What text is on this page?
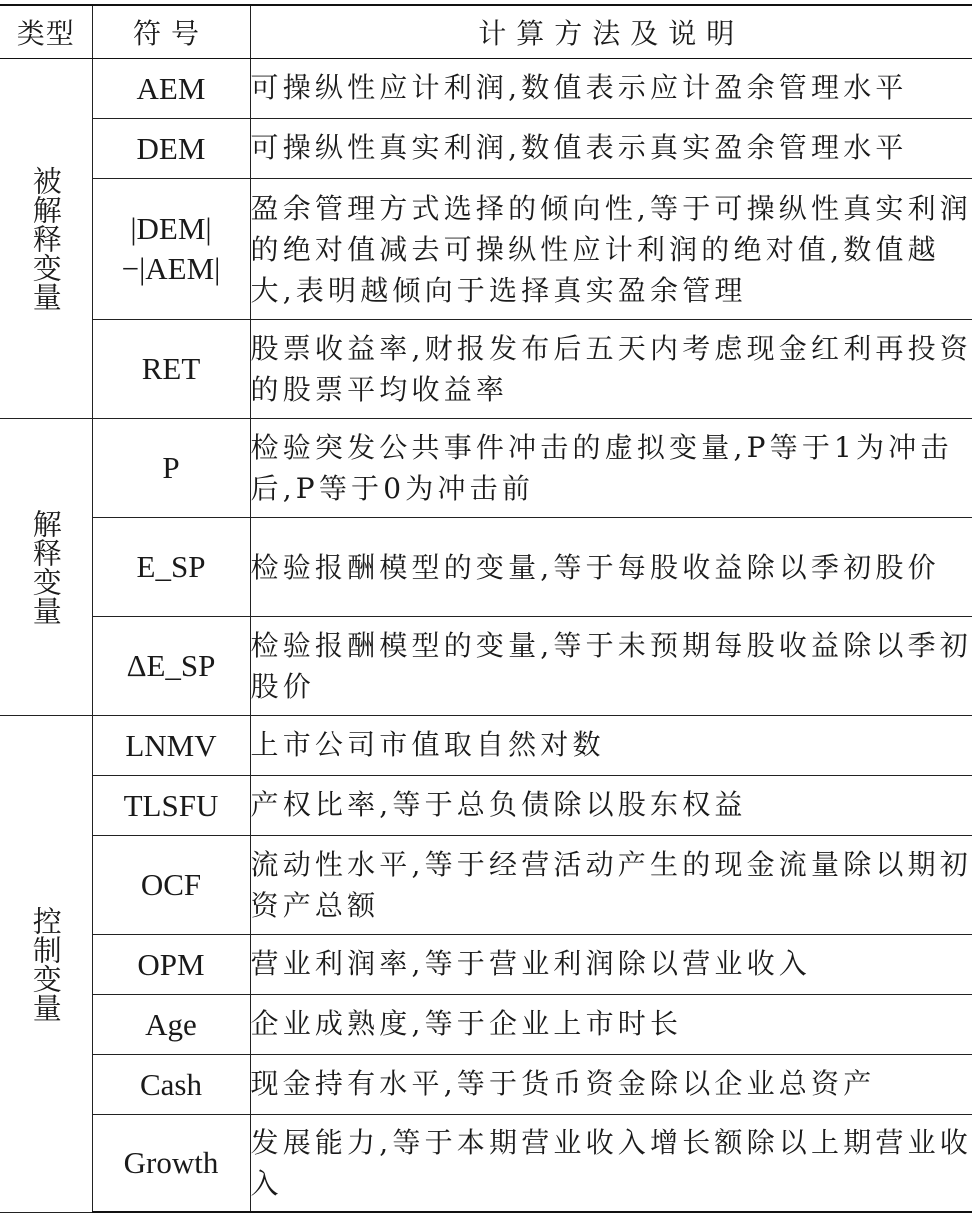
类型	符号	计算方法及说明
被解释变量	AEM	可操纵性应计利润,数值表示应计盈余管理水平
	DEM	可操纵性真实利润,数值表示真实盈余管理水平
	|DEM|−|AEM|	盈余管理方式选择的倾向性,等于可操纵性真实利润的绝对值减去可操纵性应计利润的绝对值,数值越大,表明越倾向于选择真实盈余管理
	RET	股票收益率,财报发布后五天内考虑现金红利再投资的股票平均收益率
解释变量	P	检验突发公共事件冲击的虚拟变量,P等于1为冲击后,P等于0为冲击前
	E_SP	检验报酬模型的变量,等于每股收益除以季初股价
	ΔE_SP	检验报酬模型的变量,等于未预期每股收益除以季初股价
控制变量	LNMV	上市公司市值取自然对数
	TLSFU	产权比率,等于总负债除以股东权益
	OCF	流动性水平,等于经营活动产生的现金流量除以期初资产总额
	OPM	营业利润率,等于营业利润除以营业收入
	Age	企业成熟度,等于企业上市时长
	Cash	现金持有水平,等于货币资金除以企业总资产
	Growth	发展能力,等于本期营业收入增长额除以上期营业收入
